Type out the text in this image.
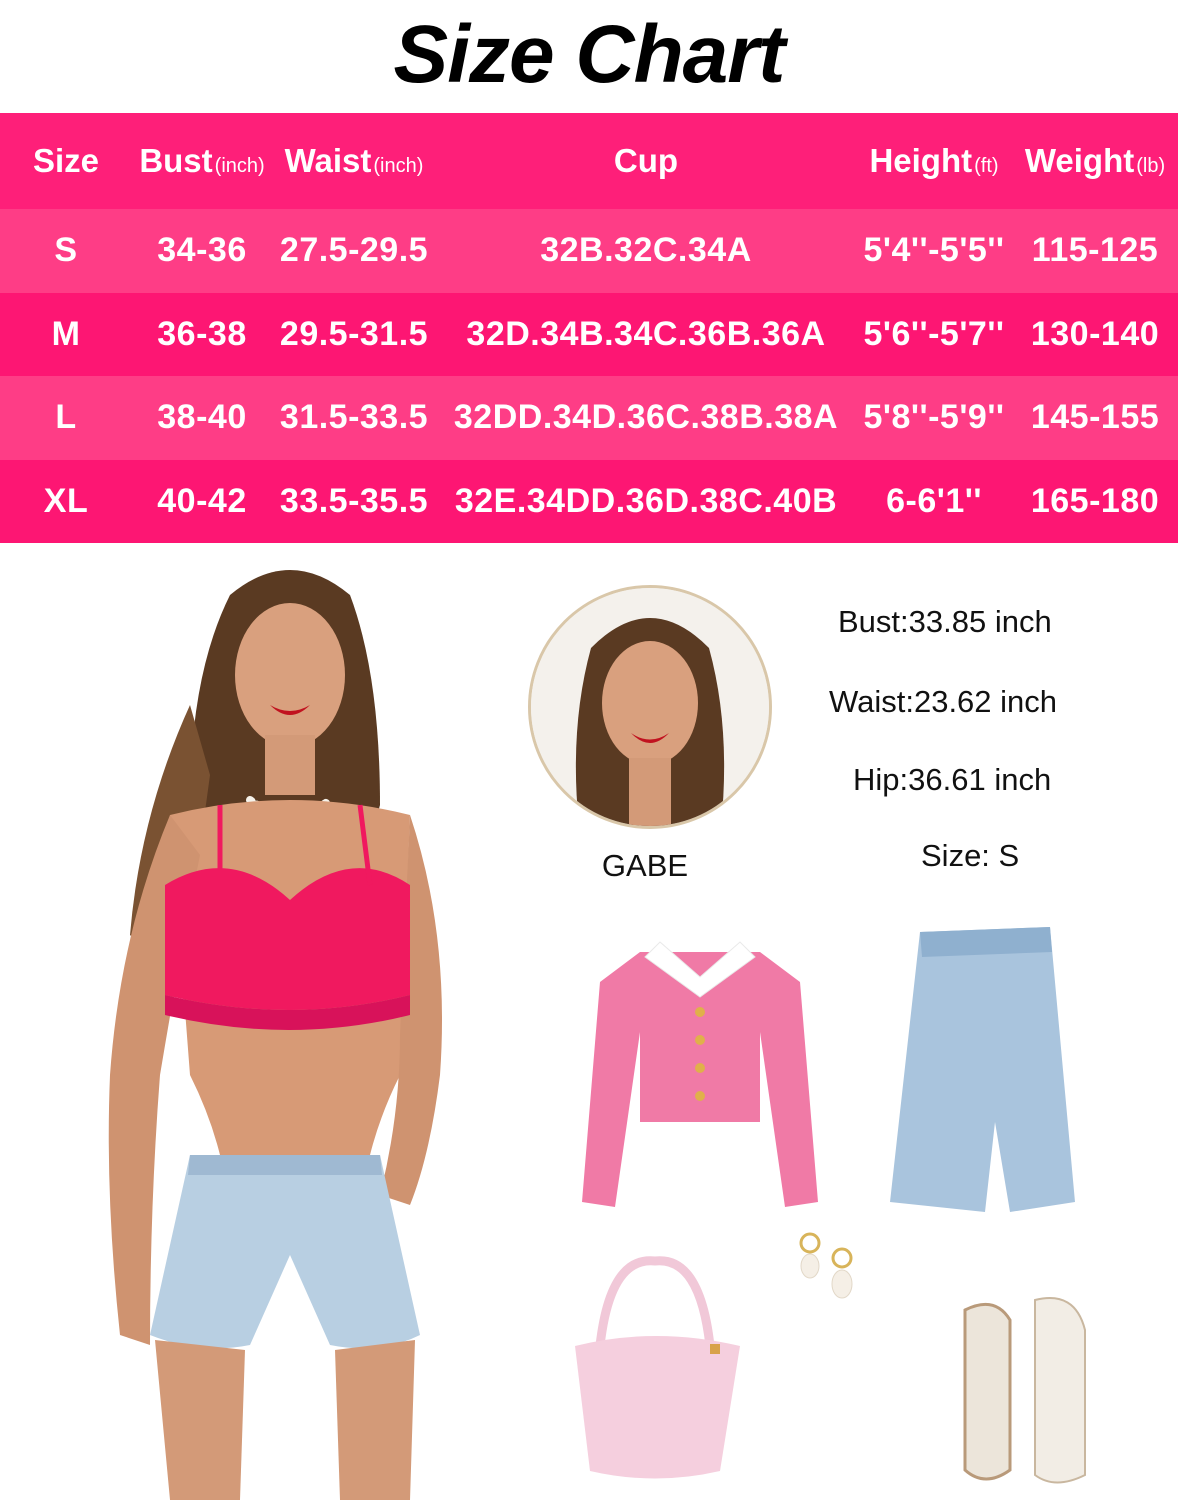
Size Chart
Size Bust (inch) Waist (inch)	Cup	Height (ft) Weight (lb)
S	34-36 27.5-29.5	32B.32C.34A	5'4''-5'5'' 115-125
M	36-38 29.5-31.5	32D.34B.34C.36B.36A	5'6''-5'7'' 130-140
L	38-40 31.5-33.5 32DD.34D.36C.38B.38A 5'8''-5'9'' 145-155
XL	40-42 33.5-35.5 32E.34DD.36D.38C.40B	6-6'1''	165-180
GABE
Bust:33.85 inch
Waist:23.62 inch
Hip:36.61 inch
Size: S
